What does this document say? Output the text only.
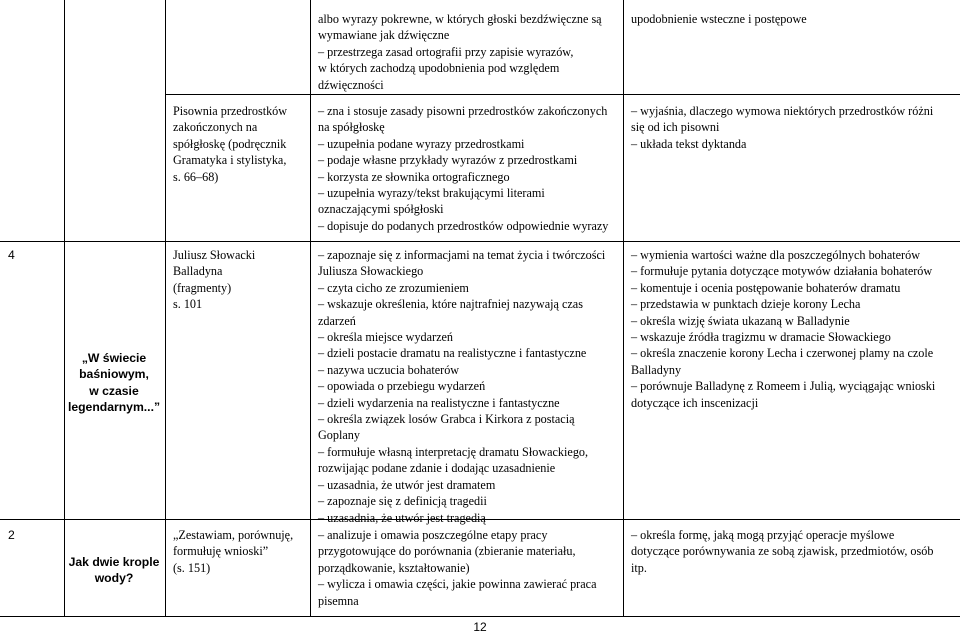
albo wyrazy pokrewne, w których głoski bezdźwięczne są
wymawiane jak dźwięczne
– przestrzega zasad ortografii przy zapisie wyrazów,
w których zachodzą upodobnienia pod względem
dźwięczności
upodobnienie wsteczne i postępowe
Pisownia przedrostków
zakończonych na
spółgłoskę (podręcznik
Gramatyka i stylistyka,
s. 66–68)
– zna i stosuje zasady pisowni przedrostków zakończonych
na spółgłoskę
– uzupełnia podane wyrazy przedrostkami
– podaje własne przykłady wyrazów z przedrostkami
– korzysta ze słownika ortograficznego
– uzupełnia wyrazy/tekst brakującymi literami
oznaczającymi spółgłoski
– dopisuje do podanych przedrostków odpowiednie wyrazy
– wyjaśnia, dlaczego wymowa niektórych przedrostków różni
się od ich pisowni
– układa tekst dyktanda
4
„W świecie
baśniowym,
w czasie
legendarnym...”
Juliusz Słowacki
Balladyna
(fragmenty)
s. 101
– zapoznaje się z informacjami na temat życia i twórczości
Juliusza Słowackiego
– czyta cicho ze zrozumieniem
– wskazuje określenia, które najtrafniej nazywają czas
zdarzeń
– określa miejsce wydarzeń
– dzieli postacie dramatu na realistyczne i fantastyczne
– nazywa uczucia bohaterów
– opowiada o przebiegu wydarzeń
– dzieli wydarzenia na realistyczne i fantastyczne
– określa związek losów Grabca i Kirkora z postacią
Goplany
– formułuje własną interpretację dramatu Słowackiego,
rozwijając podane zdanie i dodając uzasadnienie
– uzasadnia, że utwór jest dramatem
– zapoznaje się z definicją tragedii
– uzasadnia, że utwór jest tragedią
– wymienia wartości ważne dla poszczególnych bohaterów
– formułuje pytania dotyczące motywów działania bohaterów
– komentuje i ocenia postępowanie bohaterów dramatu
– przedstawia w punktach dzieje korony Lecha
– określa wizję świata ukazaną w Balladynie
– wskazuje źródła tragizmu w dramacie Słowackiego
– określa znaczenie korony Lecha i czerwonej plamy na czole
Balladyny
– porównuje Balladynę z Romeem i Julią, wyciągając wnioski
dotyczące ich inscenizacji
2
Jak dwie krople
wody?
„Zestawiam, porównuję,
formułuję wnioski”
(s. 151)
– analizuje i omawia poszczególne etapy pracy
przygotowujące do porównania (zbieranie materiału,
porządkowanie, kształtowanie)
– wylicza i omawia części, jakie powinna zawierać praca
pisemna
– określa formę, jaką mogą przyjąć operacje myślowe
dotyczące porównywania ze sobą zjawisk, przedmiotów, osób
itp.
12
